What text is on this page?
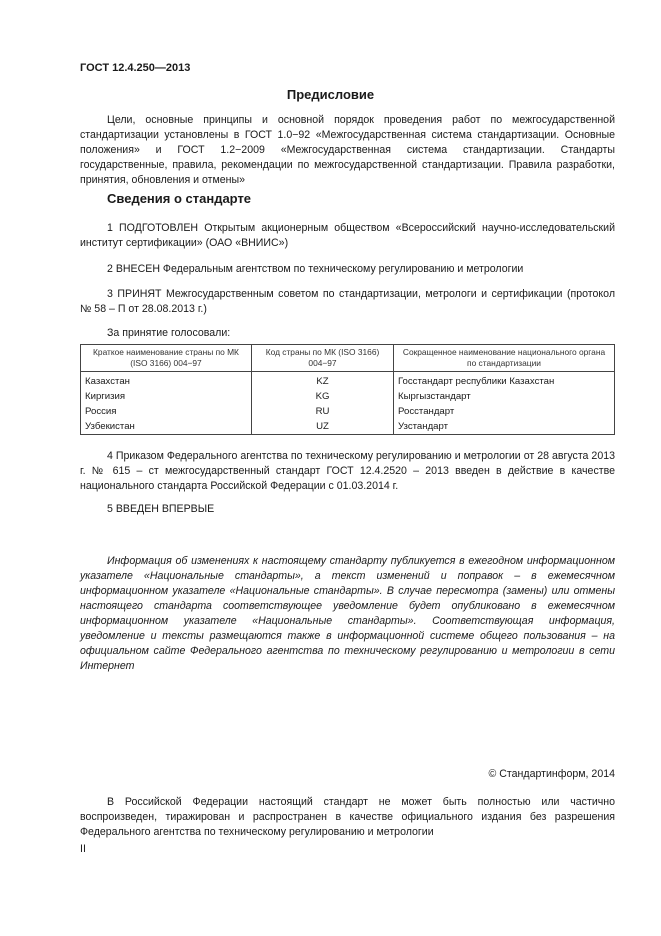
ГОСТ 12.4.250—2013
Предисловие

Цели, основные принципы и основной порядок проведения работ по межгосударственной стандартизации установлены в ГОСТ 1.0−92 «Межгосударственная система стандартизации. Основные положения» и ГОСТ 1.2−2009 «Межгосударственная система стандартизации. Стандарты государственные, правила, рекомендации по межгосударственной стандартизации. Правила разработки, принятия, обновления и отмены»

Сведения о стандарте

1 ПОДГОТОВЛЕН Открытым акционерным обществом «Всероссийский научно-исследовательский институт сертификации» (ОАО «ВНИИС»)

2 ВНЕСЕН Федеральным агентством по техническому регулированию и метрологии

3 ПРИНЯТ Межгосударственным советом по стандартизации, метрологи и сертификации (протокол № 58 – П от 28.08.2013 г.)

За принятие голосовали:

Краткое наименование страны по МК (ISO 3166) 004−97	Код страны по МК (ISO 3166) 004−97	Сокращенное наименование национального органа по стандартизации
Казахстан	KZ	Госстандарт республики Казахстан
Киргизия	KG	Кыргызстандарт
Россия	RU	Росстандарт
Узбекистан	UZ	Узстандарт

4 Приказом Федерального агентства по техническому регулированию и метрологии от 28 августа 2013 г. № 615 – ст межгосударственный стандарт ГОСТ 12.4.2520 – 2013 введен в действие в качестве национального стандарта Российской Федерации с 01.03.2014 г.

5 ВВЕДЕН ВПЕРВЫЕ

Информация об изменениях к настоящему стандарту публикуется в ежегодном информационном указателе «Национальные стандарты», а текст изменений и поправок – в ежемесячном информационном указателе «Национальные стандарты». В случае пересмотра (замены) или отмены настоящего стандарта соответствующее уведомление будет опубликовано в ежемесячном информационном указателе «Национальные стандарты». Соответствующая информация, уведомление и тексты размещаются также в информационной системе общего пользования – на официальном сайте Федерального агентства по техническому регулированию и метрологии в сети Интернет

© Стандартинформ, 2014

В Российской Федерации настоящий стандарт не может быть полностью или частично воспроизведен, тиражирован и распространен в качестве официального издания без разрешения Федерального агентства по техническому регулированию и метрологии

II
